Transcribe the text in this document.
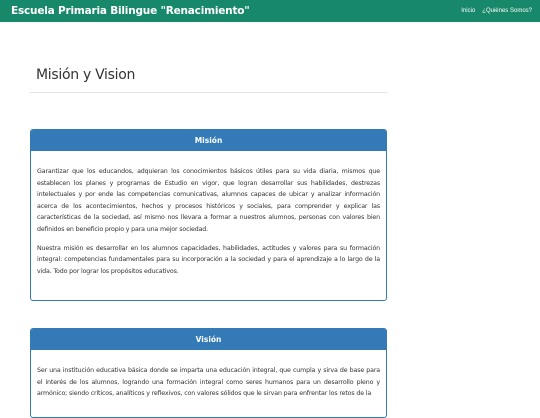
Escuela Primaria Bilingue "Renacimiento"	Inicio ¿Quiénes Somos?
Misión y Vision
Misión

Garantizar que los educandos, adquieran los conocimientos básicos útiles para su vida diaria, mismos que establecen los planes y programas de Estudio en vigor, que logran desarrollar sus habilidades, destrezas intelectuales y por ende las competencias comunicativas, alumnos capaces de ubicar y analizar información acerca de los acontecimientos, hechos y procesos históricos y sociales, para comprender y explicar las características de la sociedad, así mismo nos llevara a formar a nuestros alumnos, personas con valores bien definidos en beneficio propio y para una mejor sociedad.

Nuestra misión es desarrollar en los alumnos capacidades, habilidades, actitudes y valores para su formación integral: competencias fundamentales para su incorporación a la sociedad y para el aprendizaje a lo largo de la vida. Todo por lograr los propósitos educativos.

Visión

Ser una institución educativa básica donde se imparta una educación integral, que cumpla y sirva de base para el interés de los alumnos, logrando una formación integral como seres humanos para un desarrollo pleno y armónico; siendo críticos, analíticos y reflexivos, con valores sólidos que le sirvan para enfrentar los retos de la
